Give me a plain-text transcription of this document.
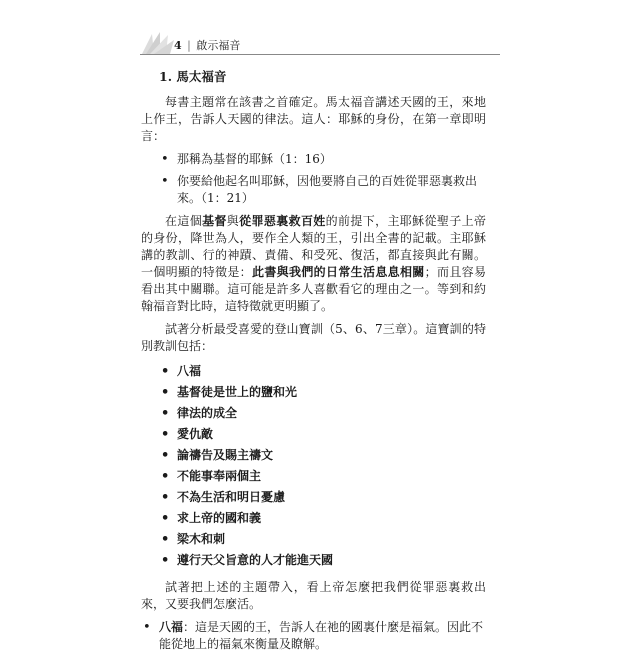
4 | 啟示福音
1. 馬太福音

每書主題常在該書之首確定。馬太福音講述天國的王，來地上作王，告訴人天國的律法。這人：耶穌的身份，在第一章即明言：

• 那稱為基督的耶穌（1：16）
• 你要給他起名叫耶穌，因他要將自己的百姓從罪惡裏救出來。（1：21）

在這個基督與從罪惡裏救百姓的前提下，主耶穌從聖子上帝的身份，降世為人，要作全人類的王，引出全書的記載。主耶穌講的教訓、行的神蹟、責備、和受死、復活，都直接與此有關。一個明顯的特徵是：此書與我們的日常生活息息相關；而且容易看出其中關聯。這可能是許多人喜歡看它的理由之一。等到和約翰福音對比時，這特徵就更明顯了。

試著分析最受喜愛的登山寶訓（5、6、7三章）。這寶訓的特別教訓包括：

• 八福
• 基督徒是世上的鹽和光
• 律法的成全
• 愛仇敵
• 論禱告及賜主禱文
• 不能事奉兩個主
• 不為生活和明日憂慮
• 求上帝的國和義
• 梁木和刺
• 遵行天父旨意的人才能進天國

試著把上述的主題帶入，看上帝怎麼把我們從罪惡裏救出來，又要我們怎麼活。

• 八福：這是天國的王，告訴人在祂的國裏什麼是福氣。因此不能從地上的福氣來衡量及瞭解。
